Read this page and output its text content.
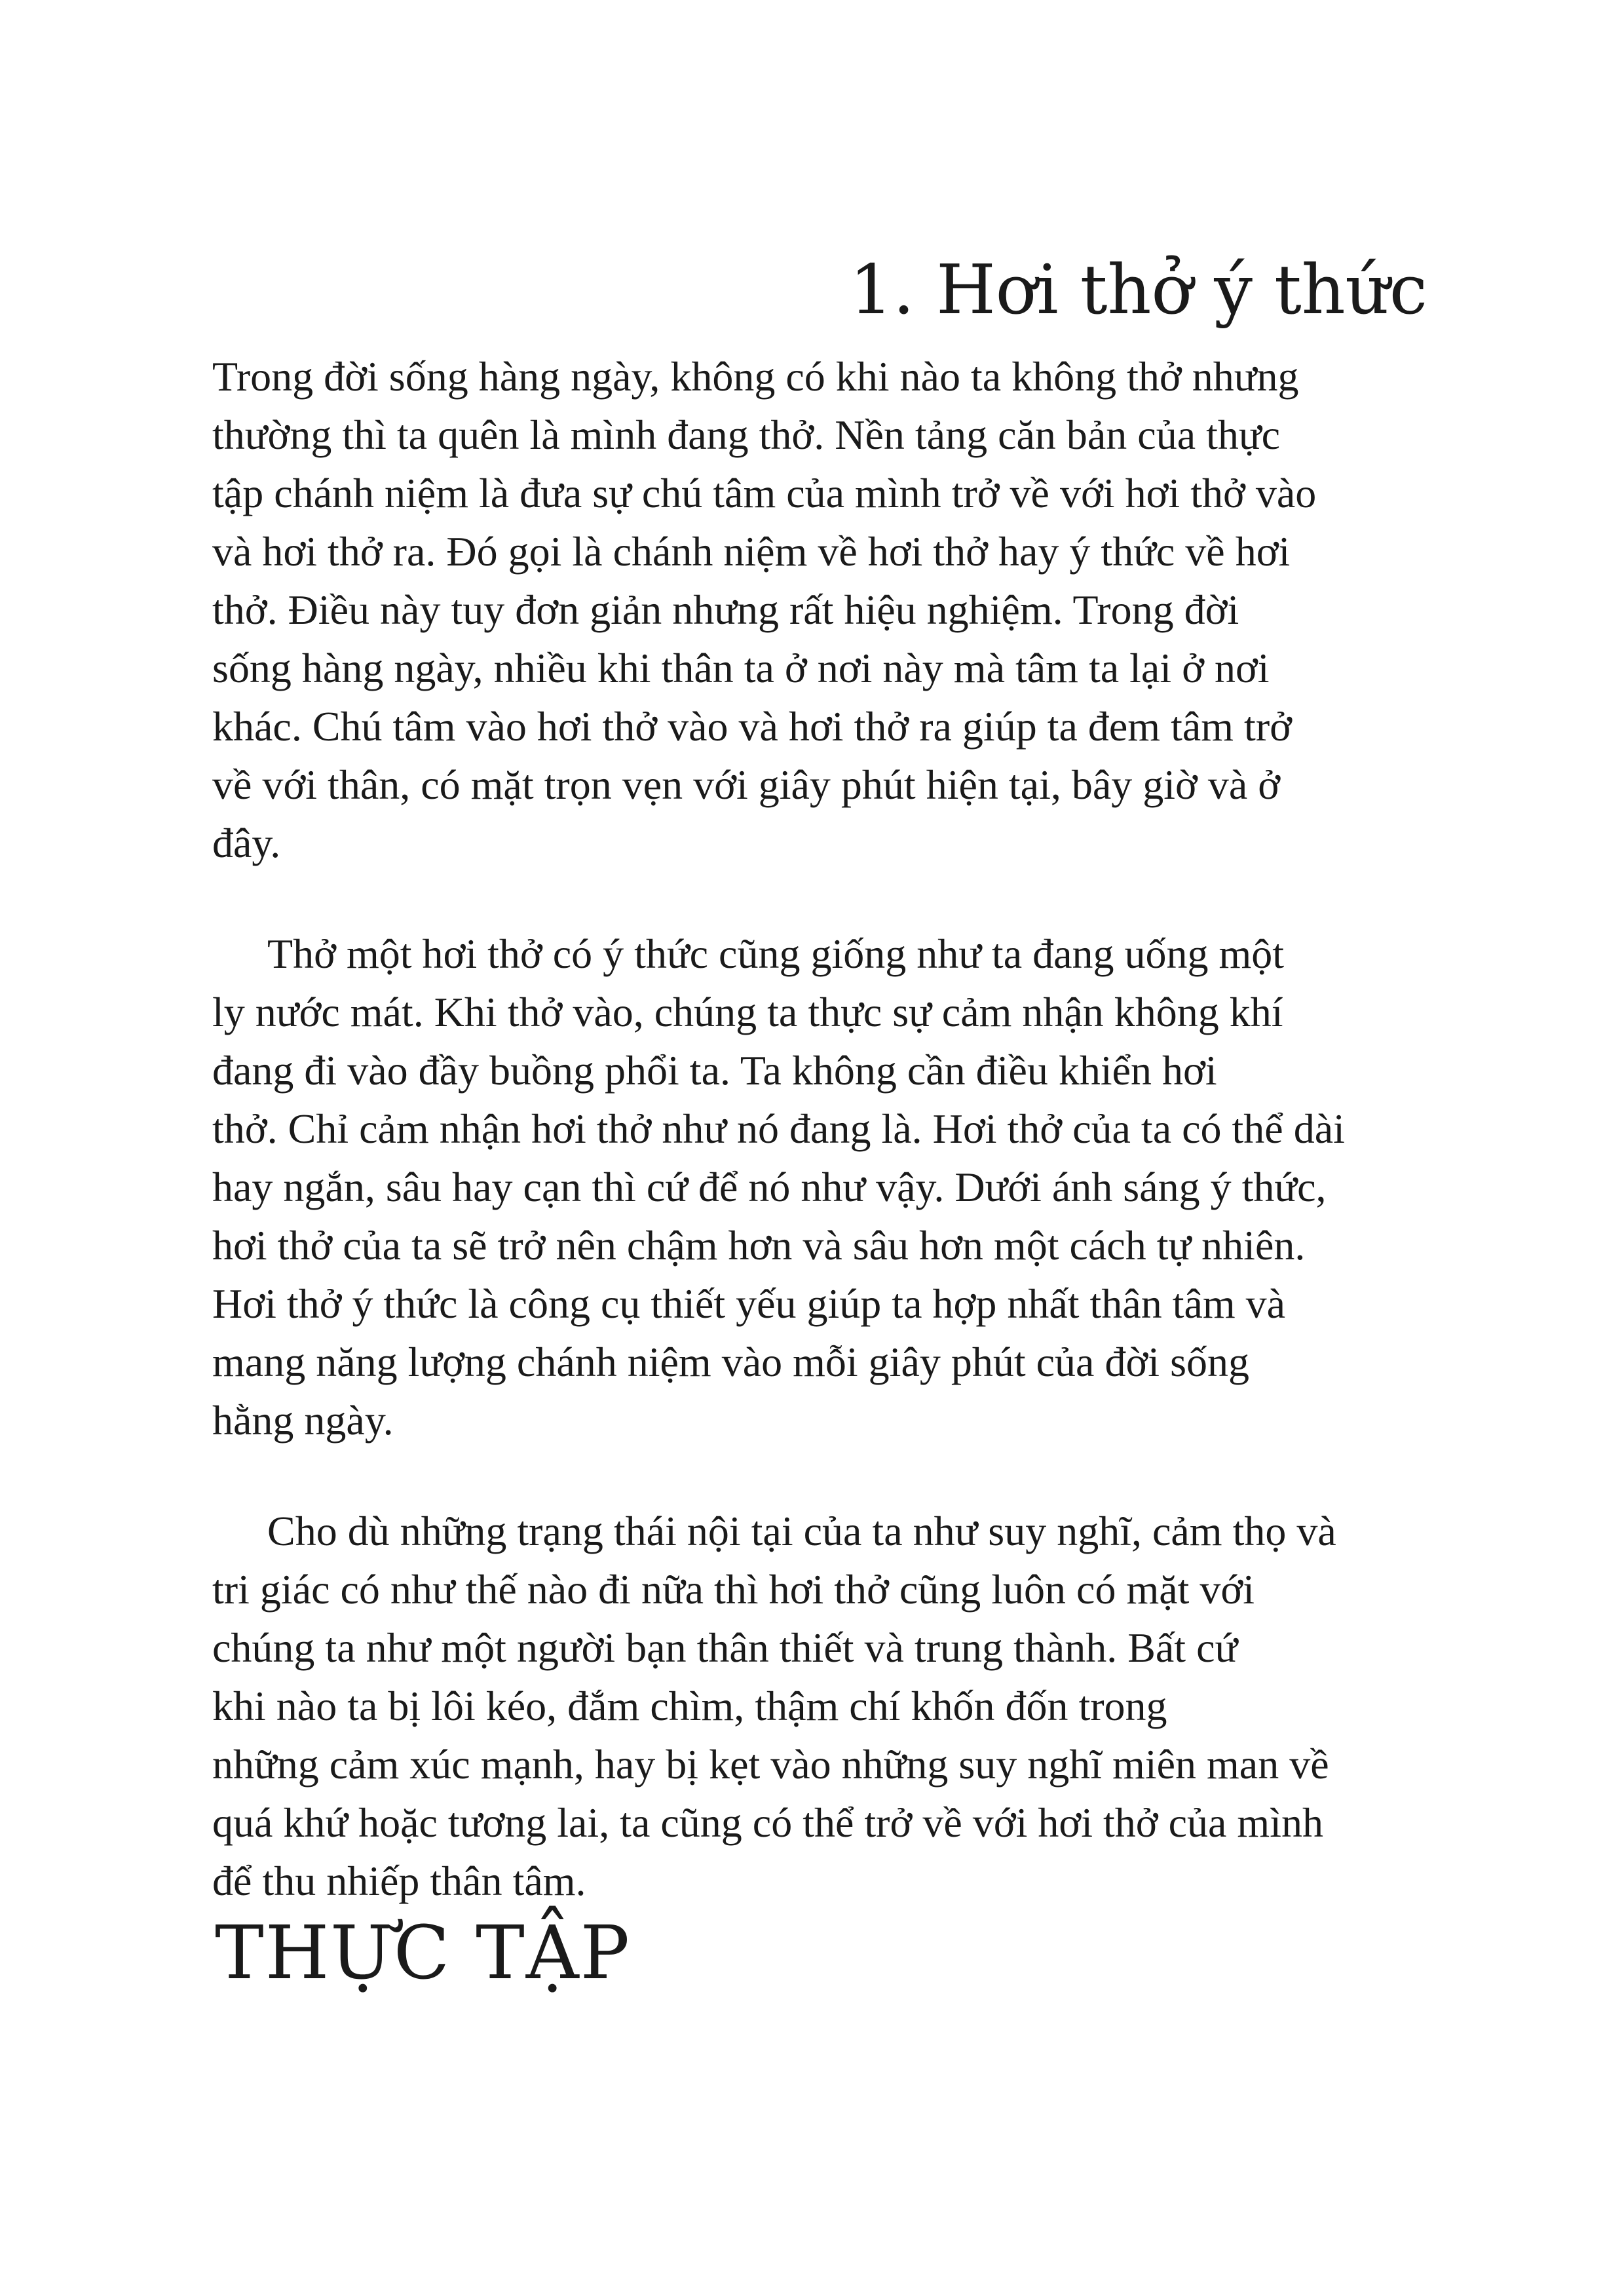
1. Hơi thở ý thức

Trong đời sống hàng ngày, không có khi nào ta không thở nhưng
thường thì ta quên là mình đang thở. Nền tảng căn bản của thực
tập chánh niệm là đưa sự chú tâm của mình trở về với hơi thở vào
và hơi thở ra. Đó gọi là chánh niệm về hơi thở hay ý thức về hơi
thở. Điều này tuy đơn giản nhưng rất hiệu nghiệm. Trong đời
sống hàng ngày, nhiều khi thân ta ở nơi này mà tâm ta lại ở nơi
khác. Chú tâm vào hơi thở vào và hơi thở ra giúp ta đem tâm trở
về với thân, có mặt trọn vẹn với giây phút hiện tại, bây giờ và ở
đây.

Thở một hơi thở có ý thức cũng giống như ta đang uống một
ly nước mát. Khi thở vào, chúng ta thực sự cảm nhận không khí
đang đi vào đầy buồng phổi ta. Ta không cần điều khiển hơi
thở. Chỉ cảm nhận hơi thở như nó đang là. Hơi thở của ta có thể dài
hay ngắn, sâu hay cạn thì cứ để nó như vậy. Dưới ánh sáng ý thức,
hơi thở của ta sẽ trở nên chậm hơn và sâu hơn một cách tự nhiên.
Hơi thở ý thức là công cụ thiết yếu giúp ta hợp nhất thân tâm và
mang năng lượng chánh niệm vào mỗi giây phút của đời sống
hằng ngày.

Cho dù những trạng thái nội tại của ta như suy nghĩ, cảm thọ và
tri giác có như thế nào đi nữa thì hơi thở cũng luôn có mặt với
chúng ta như một người bạn thân thiết và trung thành. Bất cứ
khi nào ta bị lôi kéo, đắm chìm, thậm chí khốn đốn trong
những cảm xúc mạnh, hay bị kẹt vào những suy nghĩ miên man về
quá khứ hoặc tương lai, ta cũng có thể trở về với hơi thở của mình
để thu nhiếp thân tâm.

THỰC TẬP
